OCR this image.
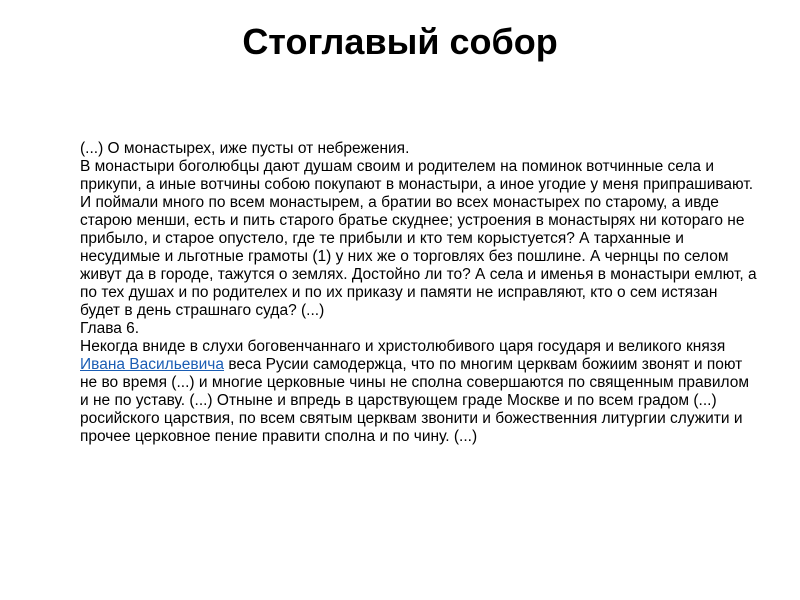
Стоглавый собор

(...) О монастырех, иже пусты от небрежения.

В монастыри боголюбцы дают душам своим и родителем на поминок вотчинные села и прикупи, а иные вотчины собою покупают в монастыри, а иное угодие у меня припрашивают. И поймали много по всем монастырем, а братии во всех монастырех по старому, а ивде старою менши, есть и пить старого братье скуднее; устроения в монастырях ни котораго не прибыло, и старое опустело, где те прибыли и кто тем корыстуется? А тарханные и несудимые и льготные грамоты (1) у них же о торговлях без пошлине. А чернцы по селом живут да в городе, тажутся о землях. Достойно ли то? А села и именья в монастыри емлют, а по тех душах и по родителех и по их приказу и памяти не исправляют, кто о сем истязан будет в день страшнаго суда? (...)

Глава 6.

Некогда вниде в слухи боговенчаннаго и христолюбивого царя государя и великого князя Ивана Васильевича веса Русии самодержца, что по многим церквам божиим звонят и поют не во время (...) и многие церковные чины не сполна совершаются по священным правилом и не по уставу. (...) Отныне и впредь в царствующем граде Москве и по всем градом (...) росийского царствия, по всем святым церквам звонити и божественния литургии служити и прочее церковное пение правити сполна и по чину. (...)
